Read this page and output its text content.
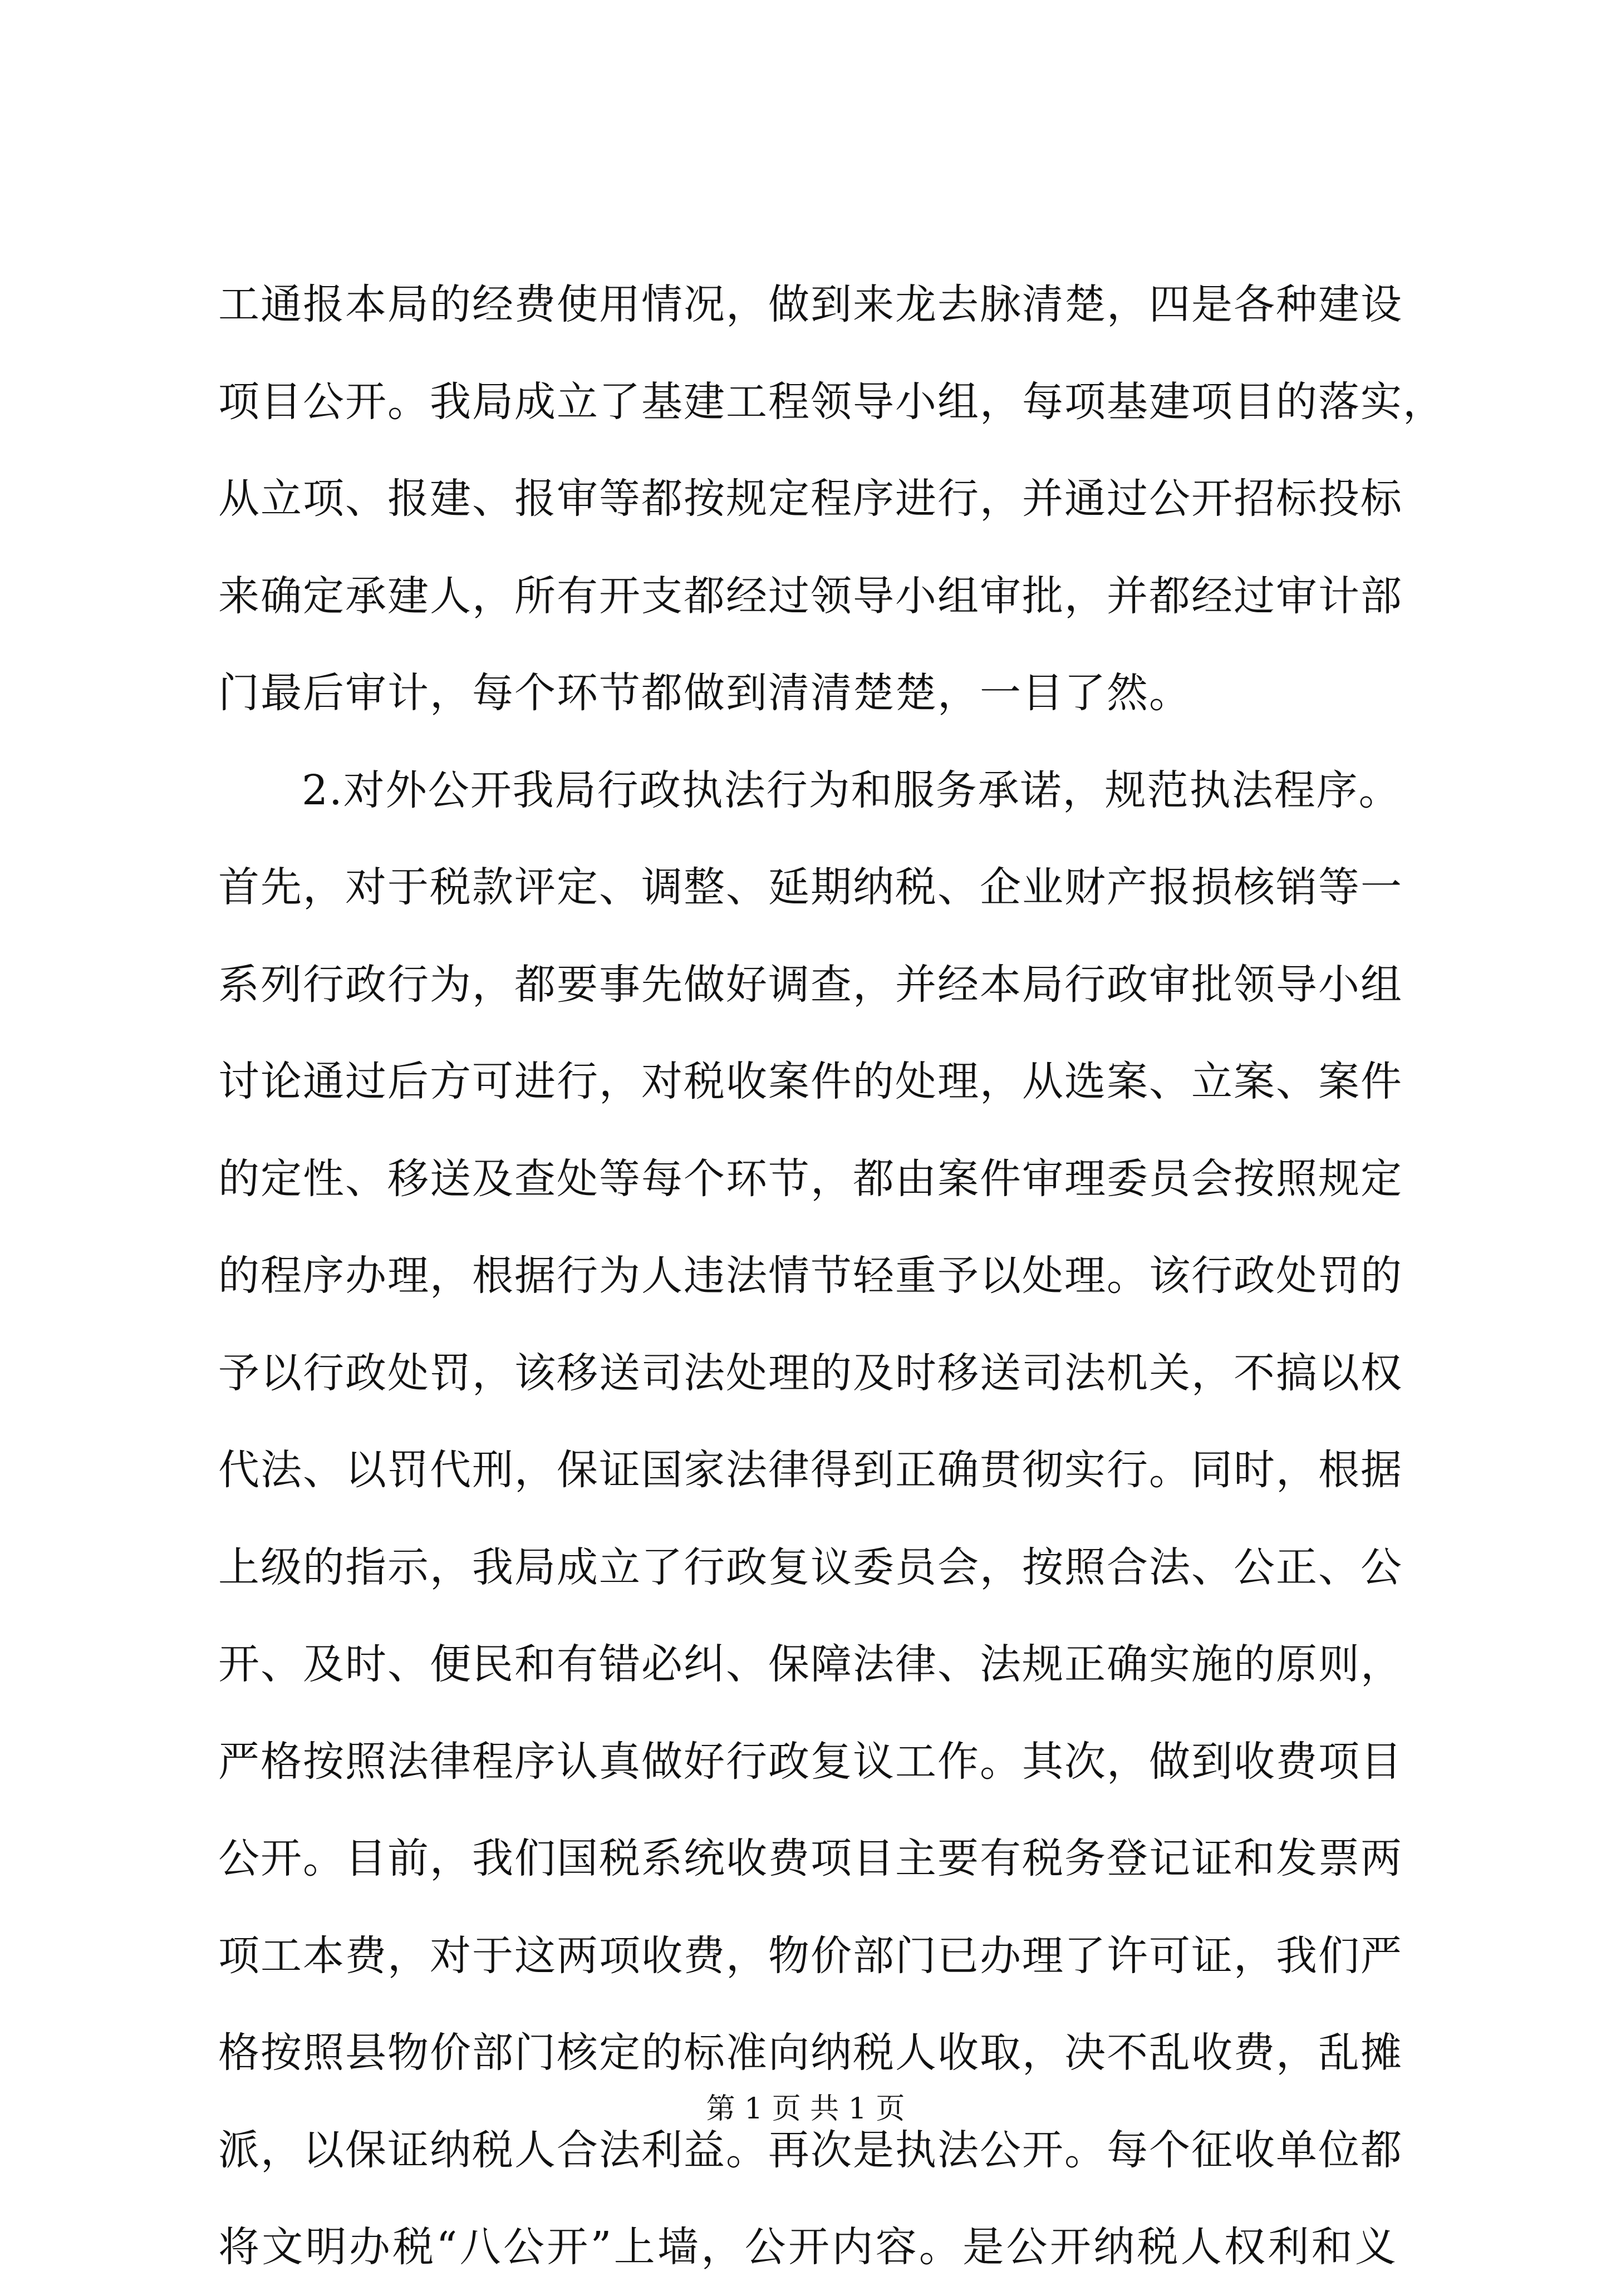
工通报本局的经费使用情况，做到来龙去脉清楚，四是各种建设
项目公开。我局成立了基建工程领导小组，每项基建项目的落实，
从立项、报建、报审等都按规定程序进行，并通过公开招标投标
来确定承建人，所有开支都经过领导小组审批，并都经过审计部
门最后审计，每个环节都做到清清楚楚，一目了然。
2.对外公开我局行政执法行为和服务承诺，规范执法程序。
首先，对于税款评定、调整、延期纳税、企业财产报损核销等一
系列行政行为，都要事先做好调查，并经本局行政审批领导小组
讨论通过后方可进行，对税收案件的处理，从选案、立案、案件
的定性、移送及查处等每个环节，都由案件审理委员会按照规定
的程序办理，根据行为人违法情节轻重予以处理。该行政处罚的
予以行政处罚，该移送司法处理的及时移送司法机关，不搞以权
代法、以罚代刑，保证国家法律得到正确贯彻实行。同时，根据
上级的指示，我局成立了行政复议委员会，按照合法、公正、公
开、及时、便民和有错必纠、保障法律、法规正确实施的原则，
严格按照法律程序认真做好行政复议工作。其次，做到收费项目
公开。目前，我们国税系统收费项目主要有税务登记证和发票两
项工本费，对于这两项收费，物价部门已办理了许可证，我们严
格按照县物价部门核定的标准向纳税人收取，决不乱收费，乱摊
派，以保证纳税人合法利益。再次是执法公开。每个征收单位都
将文明办税“八公开”上墙，公开内容。是公开纳税人权利和义
第 1 页 共 1 页
